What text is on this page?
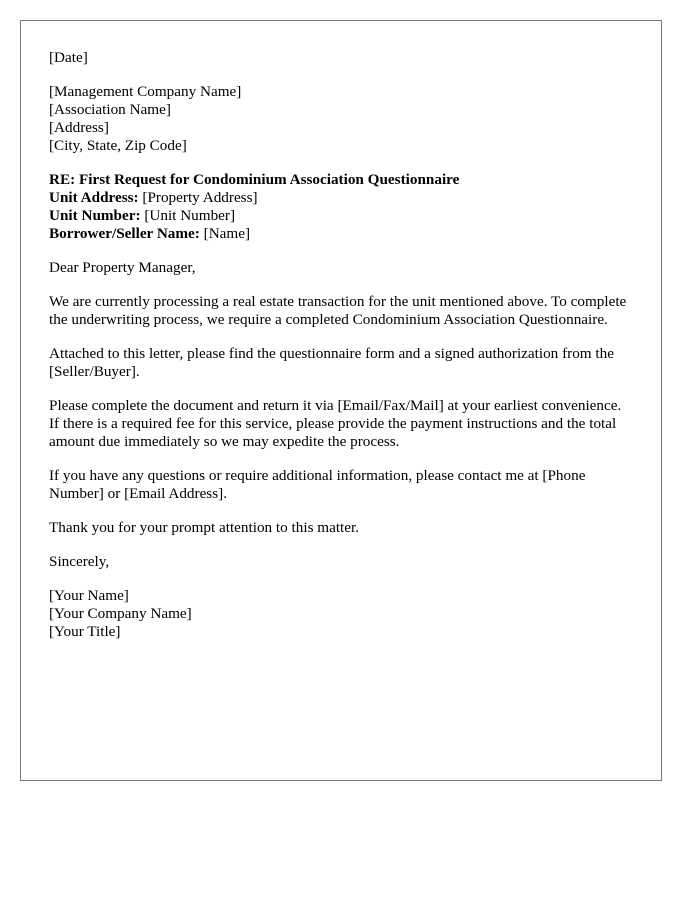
[Date]
[Management Company Name]
[Association Name]
[Address]
[City, State, Zip Code]
RE: First Request for Condominium Association Questionnaire
Unit Address: [Property Address]
Unit Number: [Unit Number]
Borrower/Seller Name: [Name]

Dear Property Manager,

We are currently processing a real estate transaction for the unit mentioned above. To complete the underwriting process, we require a completed Condominium Association Questionnaire.

Attached to this letter, please find the questionnaire form and a signed authorization from the [Seller/Buyer].

Please complete the document and return it via [Email/Fax/Mail] at your earliest convenience. If there is a required fee for this service, please provide the payment instructions and the total amount due immediately so we may expedite the process.

If you have any questions or require additional information, please contact me at [Phone Number] or [Email Address].

Thank you for your prompt attention to this matter.

Sincerely,

[Your Name]
[Your Company Name]
[Your Title]
